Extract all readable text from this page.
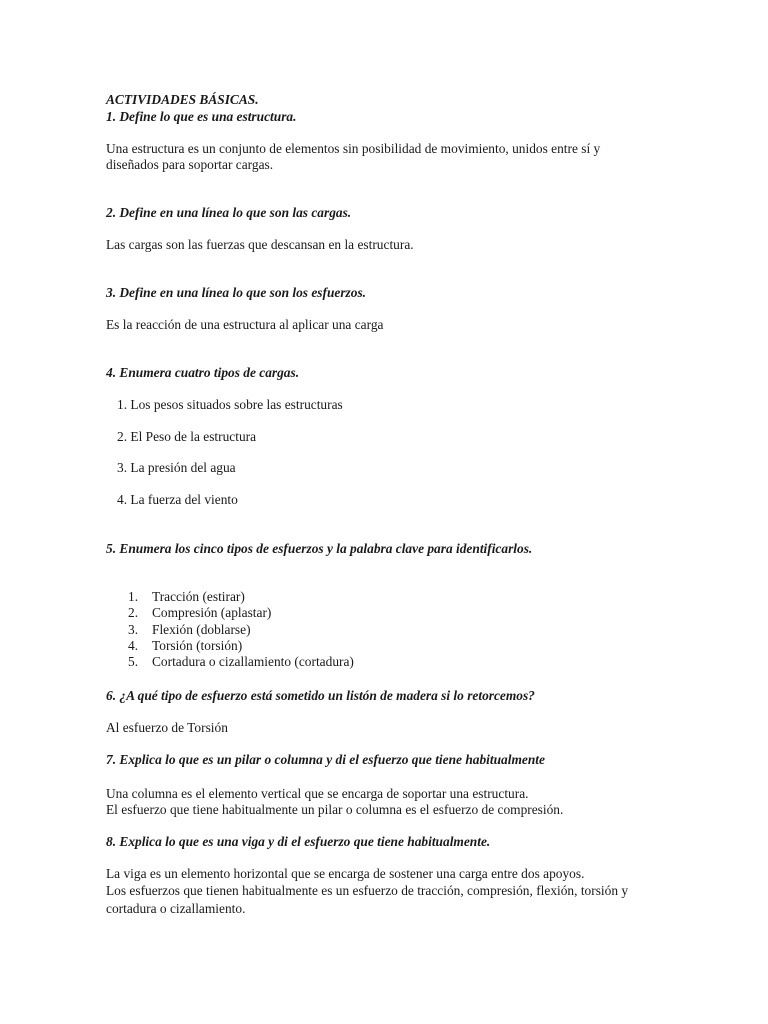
ACTIVIDADES BÁSICAS.
1. Define lo que es una estructura.
Una estructura es un conjunto de elementos sin posibilidad de movimiento, unidos entre sí y
diseñados para soportar cargas.
2. Define en una línea lo que son las cargas.
Las cargas son las fuerzas que descansan en la estructura.
3. Define en una línea lo que son los esfuerzos.
Es la reacción de una estructura al aplicar una carga
4. Enumera cuatro tipos de cargas.
1. Los pesos situados sobre las estructuras
2. El Peso de la estructura
3. La presión del agua
4. La fuerza del viento
5. Enumera los cinco tipos de esfuerzos y la palabra clave para identificarlos.
1. Tracción (estirar)
2. Compresión (aplastar)
3. Flexión (doblarse)
4. Torsión (torsión)
5. Cortadura o cizallamiento (cortadura)
6. ¿A qué tipo de esfuerzo está sometido un listón de madera si lo retorcemos?
Al esfuerzo de Torsión
7. Explica lo que es un pilar o columna y di el esfuerzo que tiene habitualmente
Una columna es el elemento vertical que se encarga de soportar una estructura.
El esfuerzo que tiene habitualmente un pilar o columna es el esfuerzo de compresión.
8. Explica lo que es una viga y di el esfuerzo que tiene habitualmente.
La viga es un elemento horizontal que se encarga de sostener una carga entre dos apoyos.
Los esfuerzos que tienen habitualmente es un esfuerzo de tracción, compresión, flexión, torsión y
cortadura o cizallamiento.
